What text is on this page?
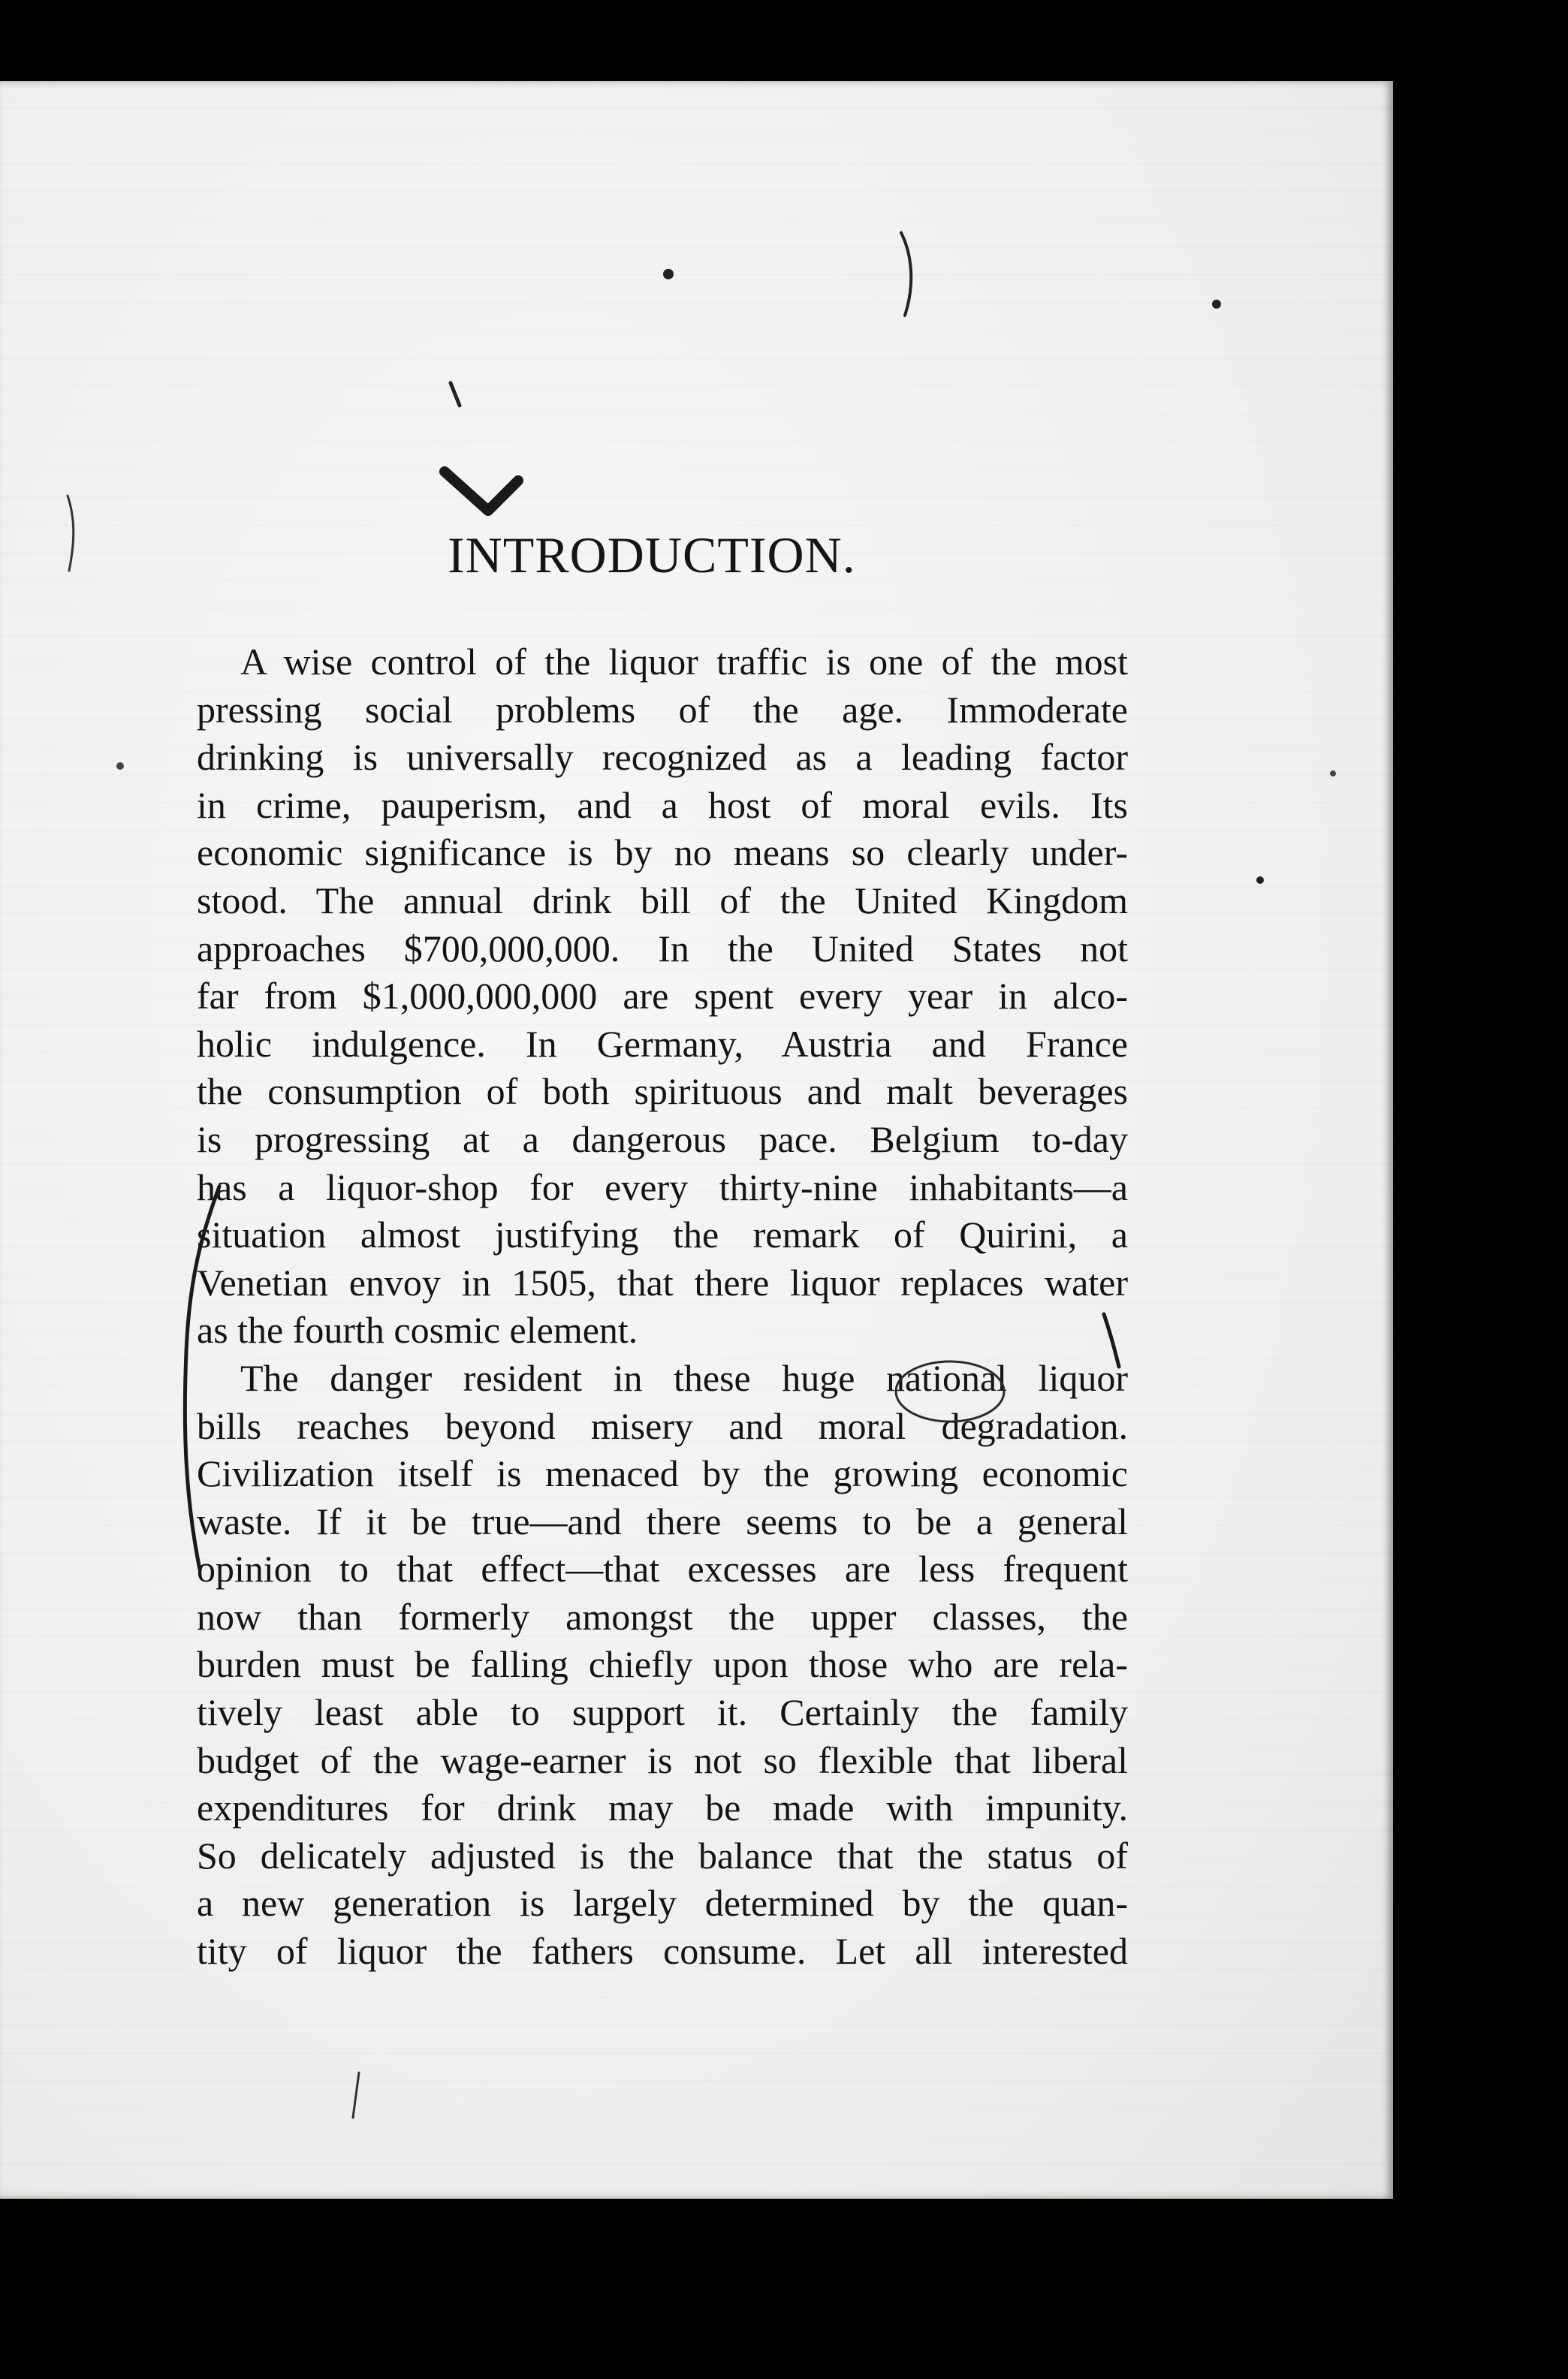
INTRODUCTION.
A wise control of the liquor traffic is one of the most
pressing social problems of the age. Immoderate
drinking is universally recognized as a leading factor
in crime, pauperism, and a host of moral evils. Its
economic significance is by no means so clearly under-
stood. The annual drink bill of the United Kingdom
approaches $700,000,000. In the United States not
far from $1,000,000,000 are spent every year in alco-
holic indulgence. In Germany, Austria and France
the consumption of both spirituous and malt beverages
is progressing at a dangerous pace. Belgium to-day
has a liquor-shop for every thirty-nine inhabitants—a
situation almost justifying the remark of Quirini, a
Venetian envoy in 1505, that there liquor replaces water
as the fourth cosmic element.
The danger resident in these huge national liquor
bills reaches beyond misery and moral degradation.
Civilization itself is menaced by the growing economic
waste. If it be true—and there seems to be a general
opinion to that effect—that excesses are less frequent
now than formerly amongst the upper classes, the
burden must be falling chiefly upon those who are rela-
tively least able to support it. Certainly the family
budget of the wage-earner is not so flexible that liberal
expenditures for drink may be made with impunity.
So delicately adjusted is the balance that the status of
a new generation is largely determined by the quan-
tity of liquor the fathers consume. Let all interested
